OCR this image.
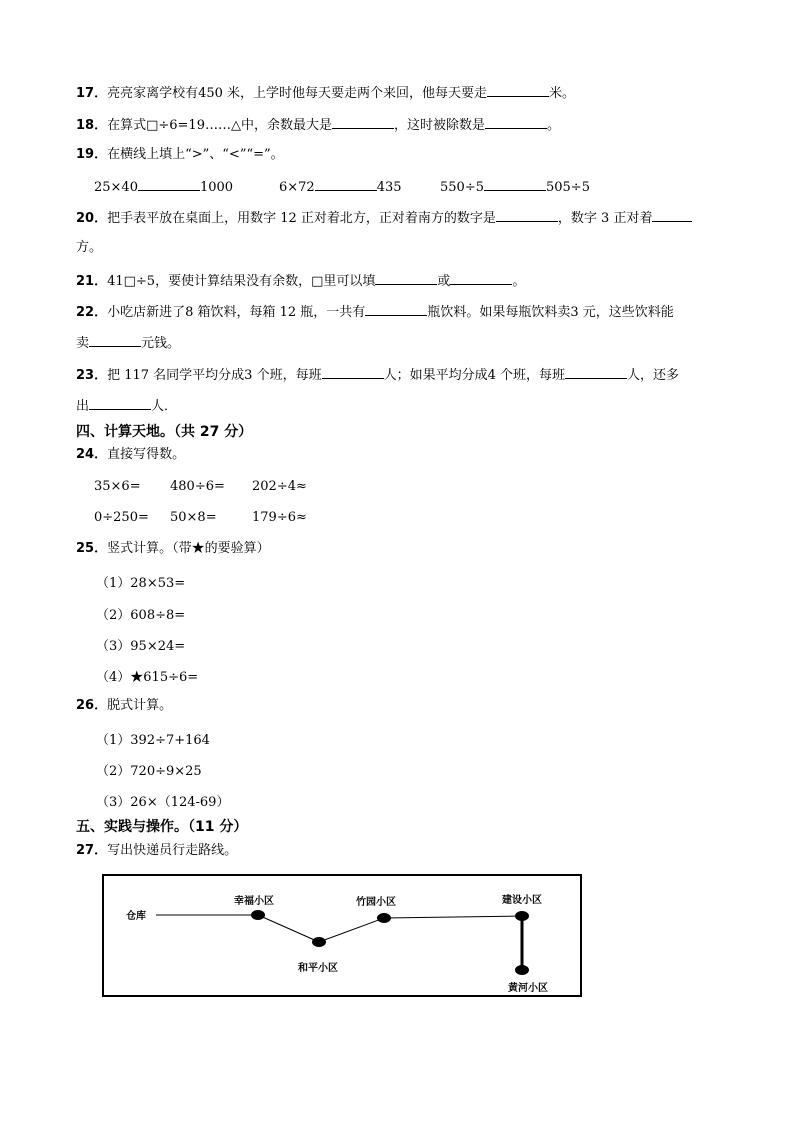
17．亮亮家离学校有450 米，上学时他每天要走两个来回，他每天要走	米。
18．在算式□÷6=19……△中，余数最大是	，这时被除数是	。
19．在横线上填上“>”、“<”“=”。
25×40	1000	6×72	435	550÷5	505÷5
20．把手表平放在桌面上，用数字 12 正对着北方，正对着南方的数字是	，数字 3 正对着
方。
21．41□÷5，要使计算结果没有余数，□里可以填	或	。
22．小吃店新进了8 箱饮料，每箱 12 瓶，一共有	瓶饮料。如果每瓶饮料卖3 元，这些饮料能
卖	元钱。
23．把 117 名同学平均分成3 个班，每班	人；如果平均分成4 个班，每班	人，还多
出	人．
四、计算天地。（共 27 分）
24．直接写得数。
35×6= 480÷6= 202÷4≈
0÷250= 50×8=	179÷6≈
25．竖式计算。（带★的要验算）
（1）28×53=
（2）608÷8=
（3）95×24=
（4）★615÷6=
26．脱式计算。
（1）392÷7+164
（2）720÷9×25
（3）26×（124-69）
五、实践与操作。（11 分）
27．写出快递员行走路线。
仓库
幸福小区
和平小区
竹园小区	建设小区
黄河小区
